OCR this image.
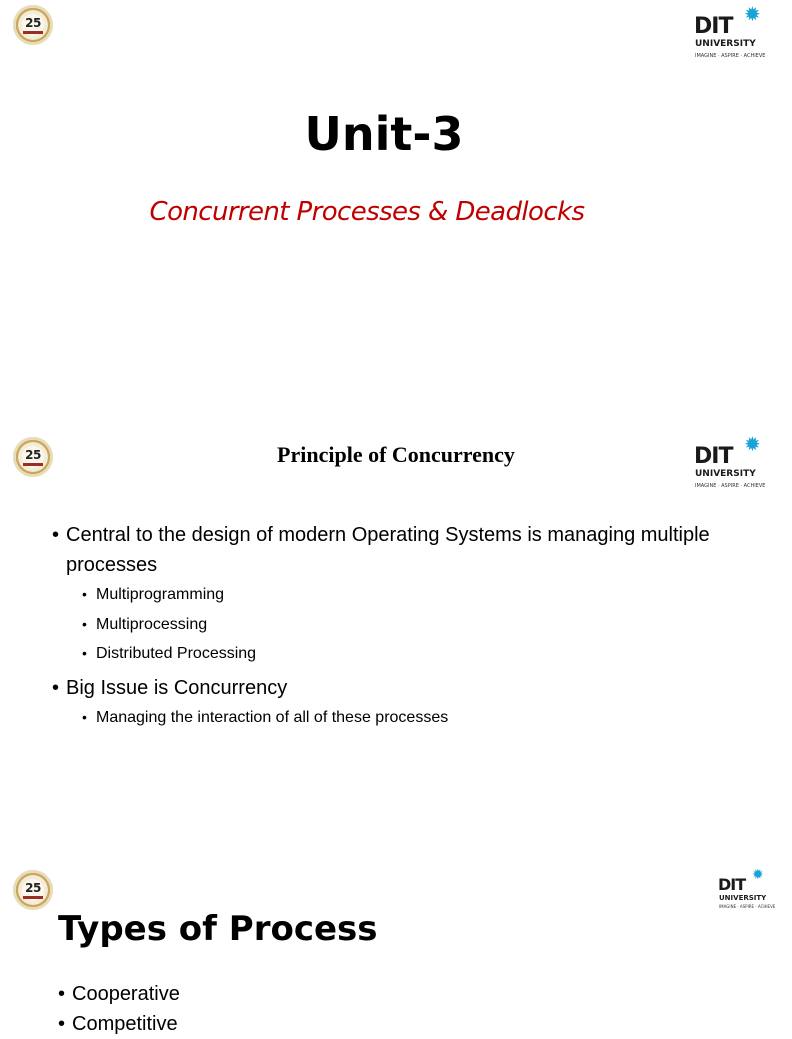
25	✹
DIT
UNIVERSITY
IMAGINE · ASPIRE · ACHIEVE
Unit-3
Concurrent Processes & Deadlocks
25	✹
DIT
UNIVERSITY
IMAGINE · ASPIRE · ACHIEVE
Principle of Concurrency
• Central to the design of modern Operating Systems is managing multiple processes
• Multiprogramming
• Multiprocessing
• Distributed Processing
• Big Issue is Concurrency
• Managing the interaction of all of these processes
25
✹
DIT
UNIVERSITY
IMAGINE · ASPIRE · ACHIEVE
Types of Process
• Cooperative
• Competitive
